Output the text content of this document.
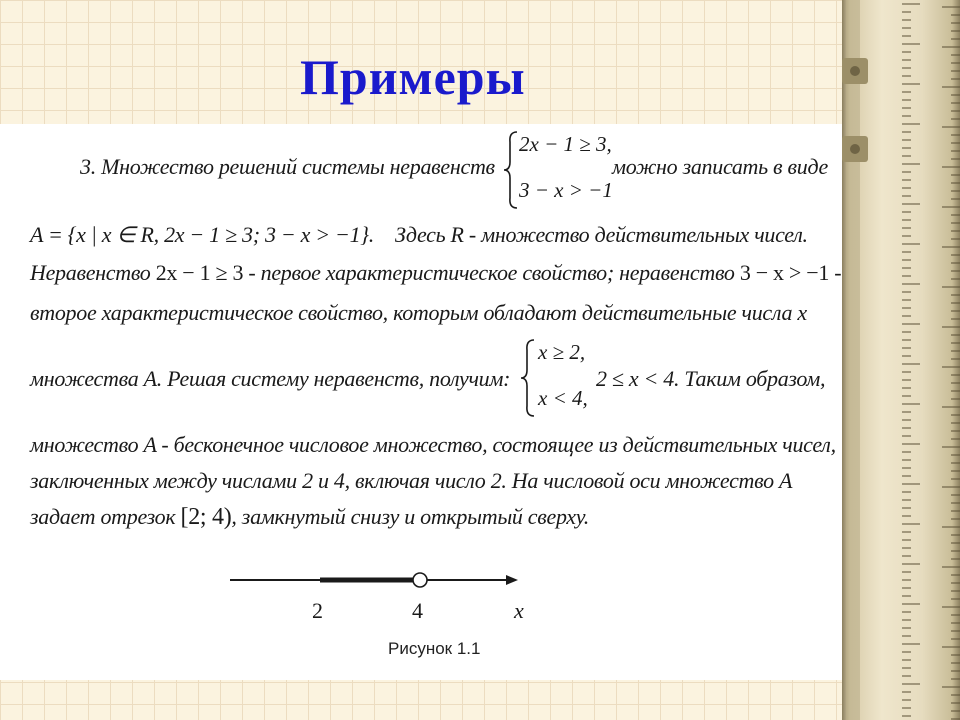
Примеры
3. Множество решений системы неравенств
2x − 1 ≥ 3,
3 − x > −1
можно записать в виде
A = {x | x ∈ R, 2x − 1 ≥ 3; 3 − x > −1}. Здесь R - множество действительных чисел.
Неравенство 2x − 1 ≥ 3 - первое характеристическое свойство; неравенство 3 − x > −1 -
второе характеристическое свойство, которым обладают действительные числа x
множества A. Решая систему неравенств, получим:
x ≥ 2,
x < 4,
2 ≤ x < 4. Таким образом,
множество A - бесконечное числовое множество, состоящее из действительных чисел,
заключенных между числами 2 и 4, включая число 2. На числовой оси множество A
задает отрезок [2; 4), замкнутый снизу и открытый сверху.
2	4	x
Рисунок 1.1
